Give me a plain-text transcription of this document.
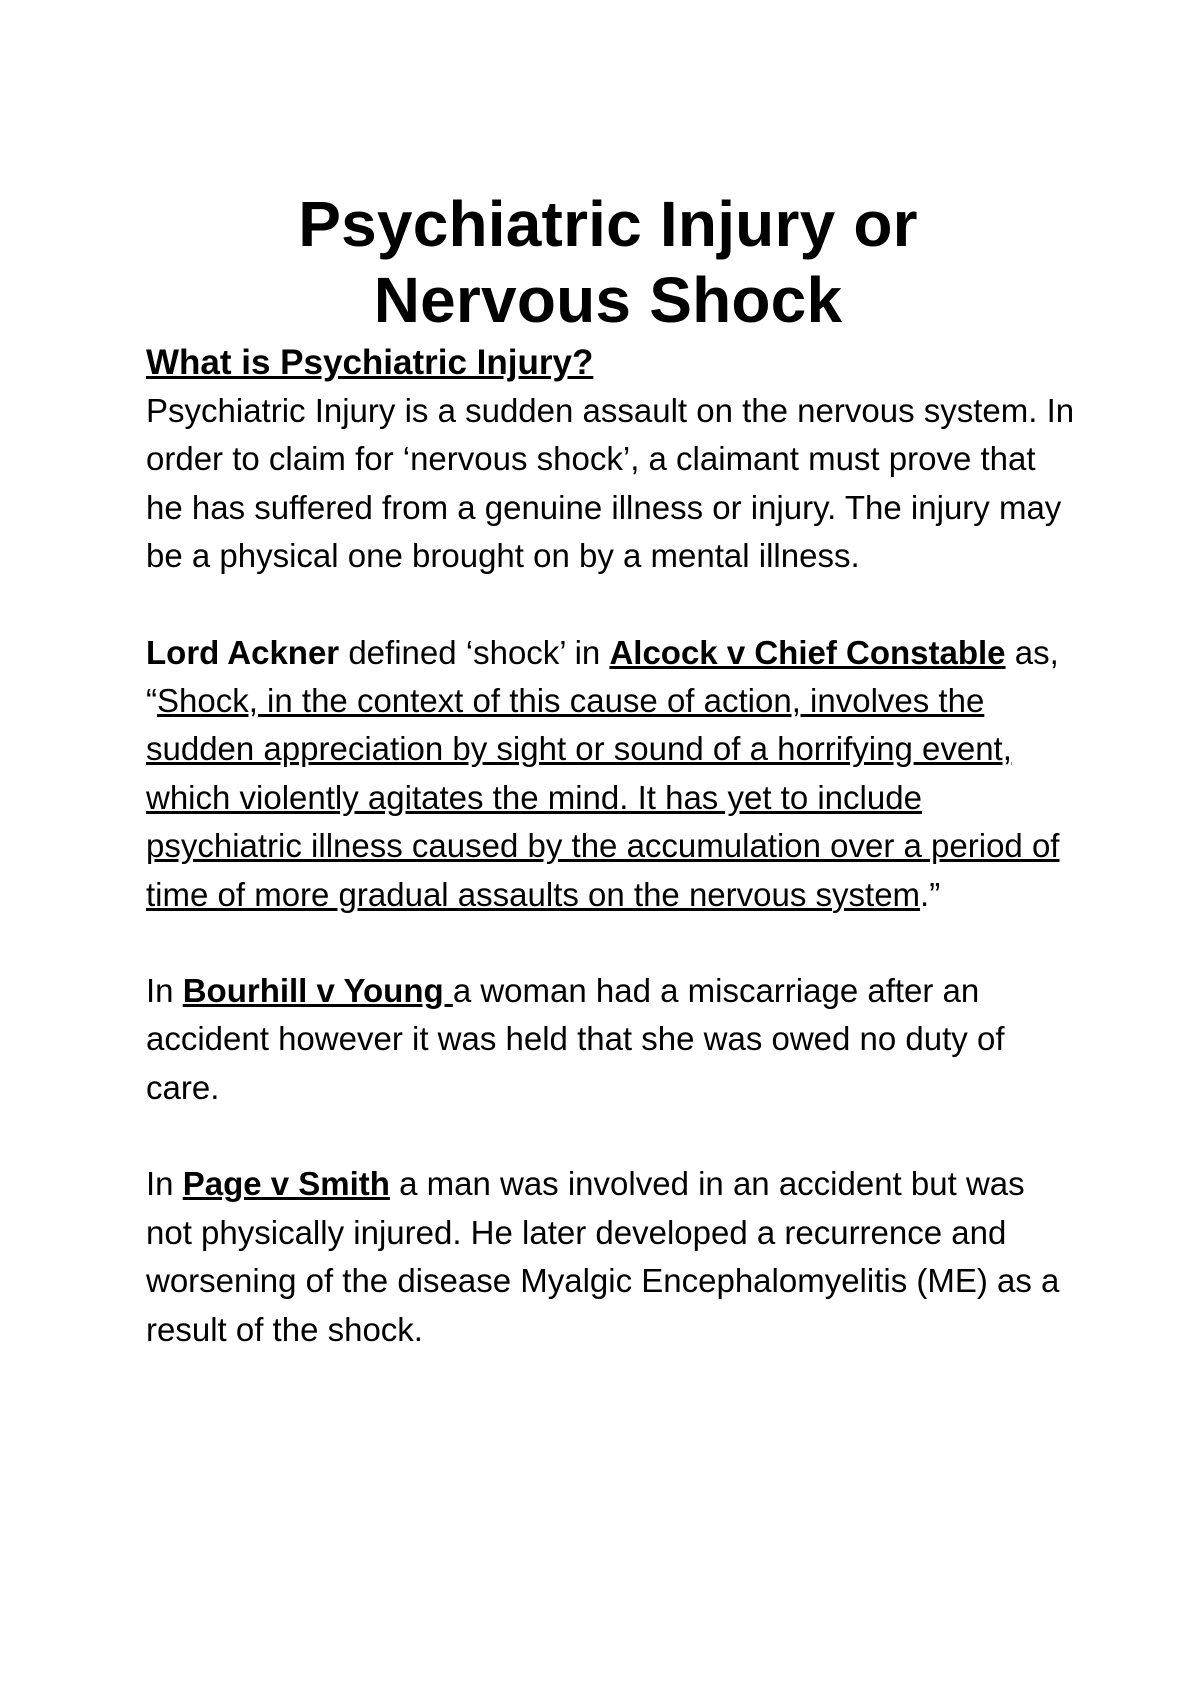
Psychiatric Injury or
Nervous Shock
What is Psychiatric Injury?

Psychiatric Injury is a sudden assault on the nervous system. In order to claim for ‘nervous shock’, a claimant must prove that he has suffered from a genuine illness or injury. The injury may be a physical one brought on by a mental illness.

Lord Ackner defined ‘shock’ in Alcock v Chief Constable as, “Shock, in the context of this cause of action, involves the sudden appreciation by sight or sound of a horrifying event, which violently agitates the mind. It has yet to include psychiatric illness caused by the accumulation over a period of time of more gradual assaults on the nervous system.”

In Bourhill v Young a woman had a miscarriage after an accident however it was held that she was owed no duty of care.

In Page v Smith a man was involved in an accident but was not physically injured. He later developed a recurrence and worsening of the disease Myalgic Encephalomyelitis (ME) as a result of the shock.
